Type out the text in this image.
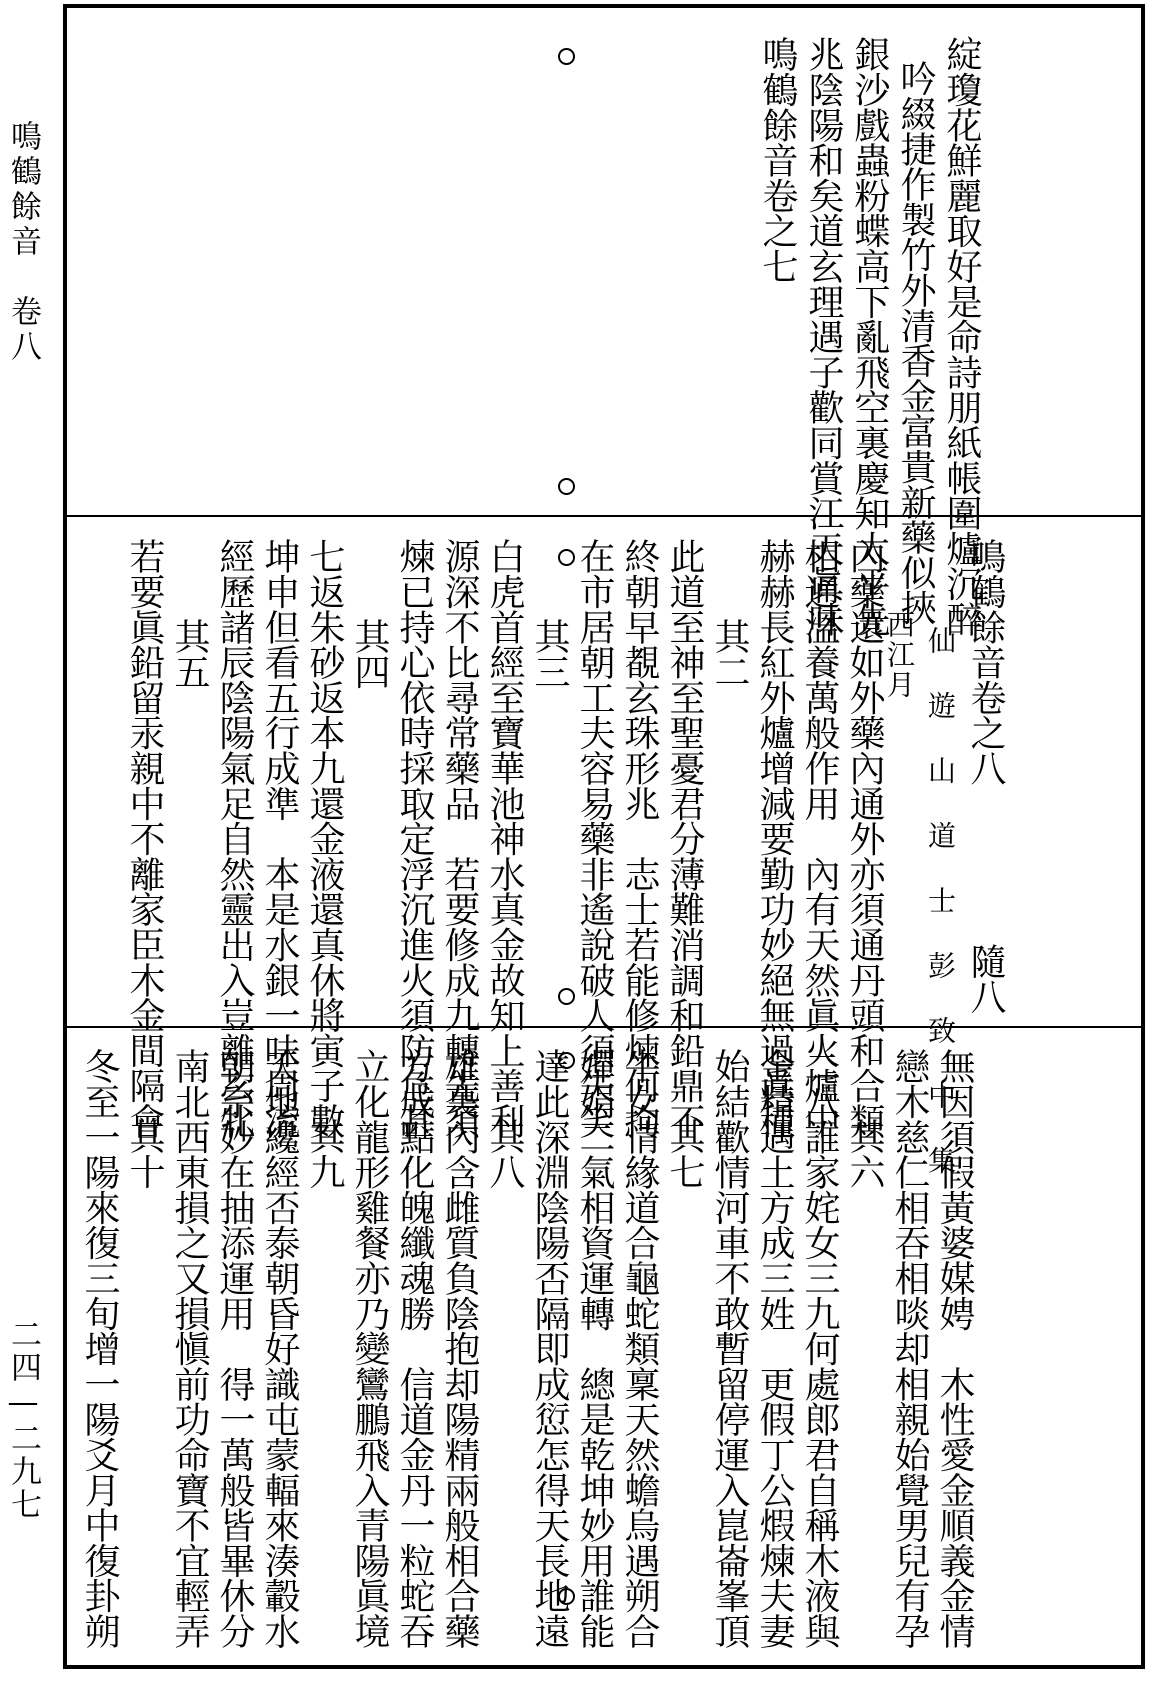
鳴鶴餘音　卷八
二四—二九七
綻瓊花鮮麗取好是命詩朋紙帳圍爐沉醉
吟綴捷作製竹外清香金富貴新藥似挾
銀沙戲蟲粉蝶高下亂飛空裏慶知太平先
兆陰陽和矣道玄理遇子歡同賞江天眞味
鳴鶴餘音卷之七
鳴鶴餘音卷之八
仙 遊 山 道 士 彭 致 中 集
西江月
內藥還如外藥內通外亦須通丹頭和合類
相通溫養萬般作用　內有天然眞火爐中
赫赫長紅外爐增減要勤功妙絕無過眞種
其二
此道至神至聖憂君分薄難消調和鉛鼎不
終朝早覩玄珠形兆　志士若能修煉何拘
在市居朝工夫容易藥非遙說破人須失笑
其三
白虎首經至寶華池神水真金故知上善利
源深不比尋常藥品　若要修成九轉先須
煉已持心依時採取定浮沉進火須防危甚
其四
七返朱砂返本九還金液還真休將寅子數
坤申但看五行成準　本是水銀一味周流
經歷諸辰陰陽氣足自然靈出入豈離玄牝
其五
若要眞鉛留汞親中不離家臣木金間隔會	隨八
無因須假黃婆媒娉　木性愛金順義金情
戀木慈仁相吞相啖却相親始覺男兒有孕
其六
二八誰家姹女三九何處郎君自稱木液與
金精遇土方成三姓　更假丁公煆煉夫妻
始結歡情河車不敢暫留停運入崑崙峯頂
其七
牛女情緣道合龜蛇類稟天然蟾烏遇朔合
嬋娟二氣相資運轉　總是乾坤妙用誰能
達此深淵陰陽否隔即成愆怎得天長地遠
其八
雄裏內含雌質負陰抱却陽精兩般相合藥
方成點化魄纖魂勝　信道金丹一粒蛇吞
立化龍形雞餐亦乃變鸞鵬飛入青陽眞境
其九
天地纔經否泰朝昏好識屯蒙輻來湊轂水
朝宗妙在抽添運用　得一萬般皆畢休分
南北西東損之又損愼前功命寶不宜輕弄
其十
冬至一陽來復三旬增一陽爻月中復卦朔
